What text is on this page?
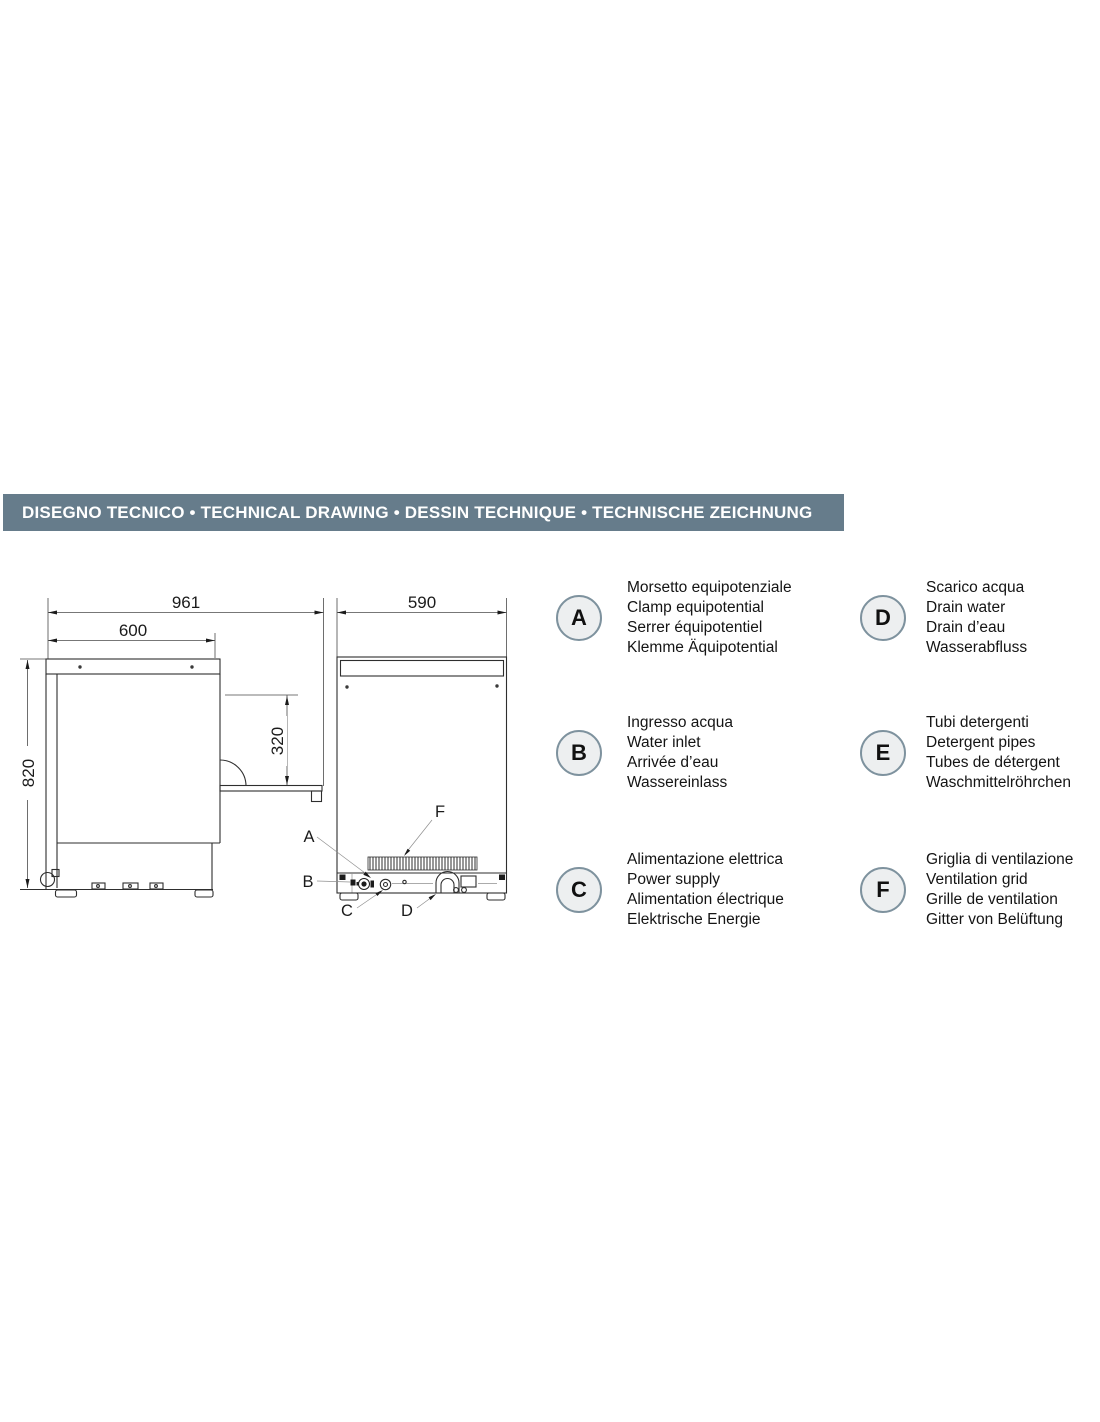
DISEGNO TECNICO • TECHNICAL DRAWING • DESSIN TECHNIQUE • TECHNISCHE ZEICHNUNG
961
600
820
320
590
A
B
C	D
F
A
Morsetto equipotenziale
Clamp equipotential
Serrer équipotentiel
Klemme Äquipotential
B
Ingresso acqua
Water inlet
Arrivée d’eau
Wassereinlass
C
Alimentazione elettrica
Power supply
Alimentation électrique
Elektrische Energie
D
Scarico acqua
Drain water
Drain d’eau
Wasserabfluss
E
Tubi detergenti
Detergent pipes
Tubes de détergent
Waschmittelröhrchen
F
Griglia di ventilazione
Ventilation grid
Grille de ventilation
Gitter von Belüftung
